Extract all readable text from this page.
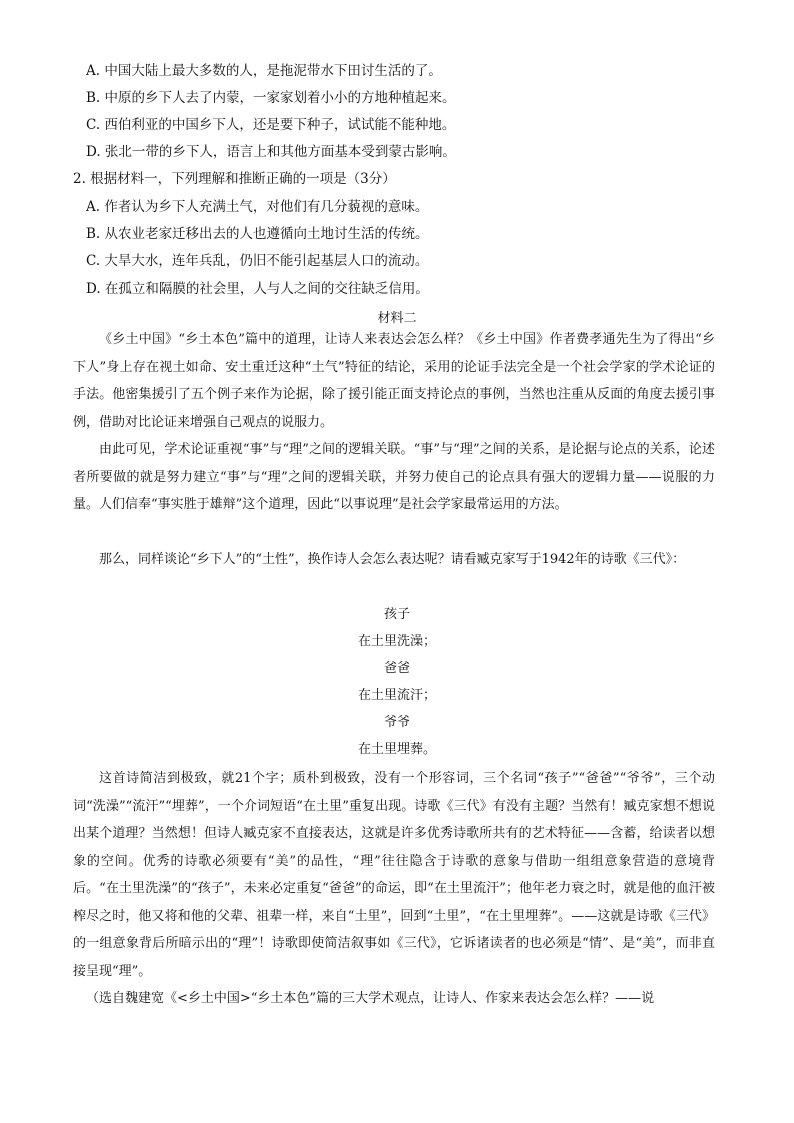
A. 中国大陆上最大多数的人，是拖泥带水下田讨生活的了。
B. 中原的乡下人去了内蒙，一家家划着小小的方地种植起来。
C. 西伯利亚的中国乡下人，还是要下种子，试试能不能种地。
D. 张北一带的乡下人，语言上和其他方面基本受到蒙古影响。
2. 根据材料一，下列理解和推断正确的一项是（3分）
A. 作者认为乡下人充满土气，对他们有几分藐视的意味。
B. 从农业老家迁移出去的人也遵循向土地讨生活的传统。
C. 大旱大水，连年兵乱，仍旧不能引起基层人口的流动。
D. 在孤立和隔膜的社会里，人与人之间的交往缺乏信用。
材料二

《乡土中国》“乡土本色”篇中的道理，让诗人来表达会怎么样？《乡土中国》作者费孝通先生为了得出“乡下人”身上存在视土如命、安土重迁这种“土气”特征的结论，采用的论证手法完全是一个社会学家的学术论证的手法。他密集援引了五个例子来作为论据，除了援引能正面支持论点的事例，当然也注重从反面的角度去援引事例，借助对比论证来增强自己观点的说服力。

由此可见，学术论证重视“事”与“理”之间的逻辑关联。“事”与“理”之间的关系，是论据与论点的关系，论述者所要做的就是努力建立“事”与“理”之间的逻辑关联，并努力使自己的论点具有强大的逻辑力量——说服的力量。人们信奉“事实胜于雄辩”这个道理，因此“以事说理”是社会学家最常运用的方法。

那么，同样谈论“乡下人”的“土性”，换作诗人会怎么表达呢？请看臧克家写于1942年的诗歌《三代》：

孩子
在土里洗澡；
爸爸
在土里流汗；
爷爷
在土里埋葬。

这首诗简洁到极致，就21个字；质朴到极致，没有一个形容词，三个名词“孩子”“爸爸”“爷爷”，三个动词“洗澡”“流汗”“埋葬”，一个介词短语“在土里”重复出现。诗歌《三代》有没有主题？当然有！臧克家想不想说出某个道理？当然想！但诗人臧克家不直接表达，这就是许多优秀诗歌所共有的艺术特征——含蓄，给读者以想象的空间。优秀的诗歌必须要有“美”的品性，“理”往往隐含于诗歌的意象与借助一组组意象营造的意境背后。“在土里洗澡”的“孩子”，未来必定重复“爸爸”的命运，即“在土里流汗”；他年老力衰之时，就是他的血汗被榨尽之时，他又将和他的父辈、祖辈一样，来自“土里”，回到“土里”，“在土里埋葬”。——这就是诗歌《三代》的一组意象背后所暗示出的“理”！诗歌即使简洁叙事如《三代》，它诉诸读者的也必须是“情”、是“美”，而非直接呈现“理”。

（选自魏建宽《<乡土中国>“乡土本色”篇的三大学术观点，让诗人、作家来表达会怎么样？——说
